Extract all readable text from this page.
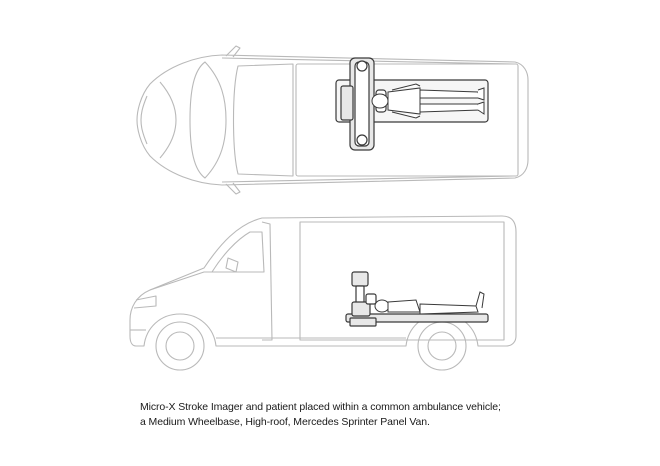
Micro-X Stroke Imager and patient placed within a common ambulance vehicle;
a Medium Wheelbase, High-roof, Mercedes Sprinter Panel Van.
